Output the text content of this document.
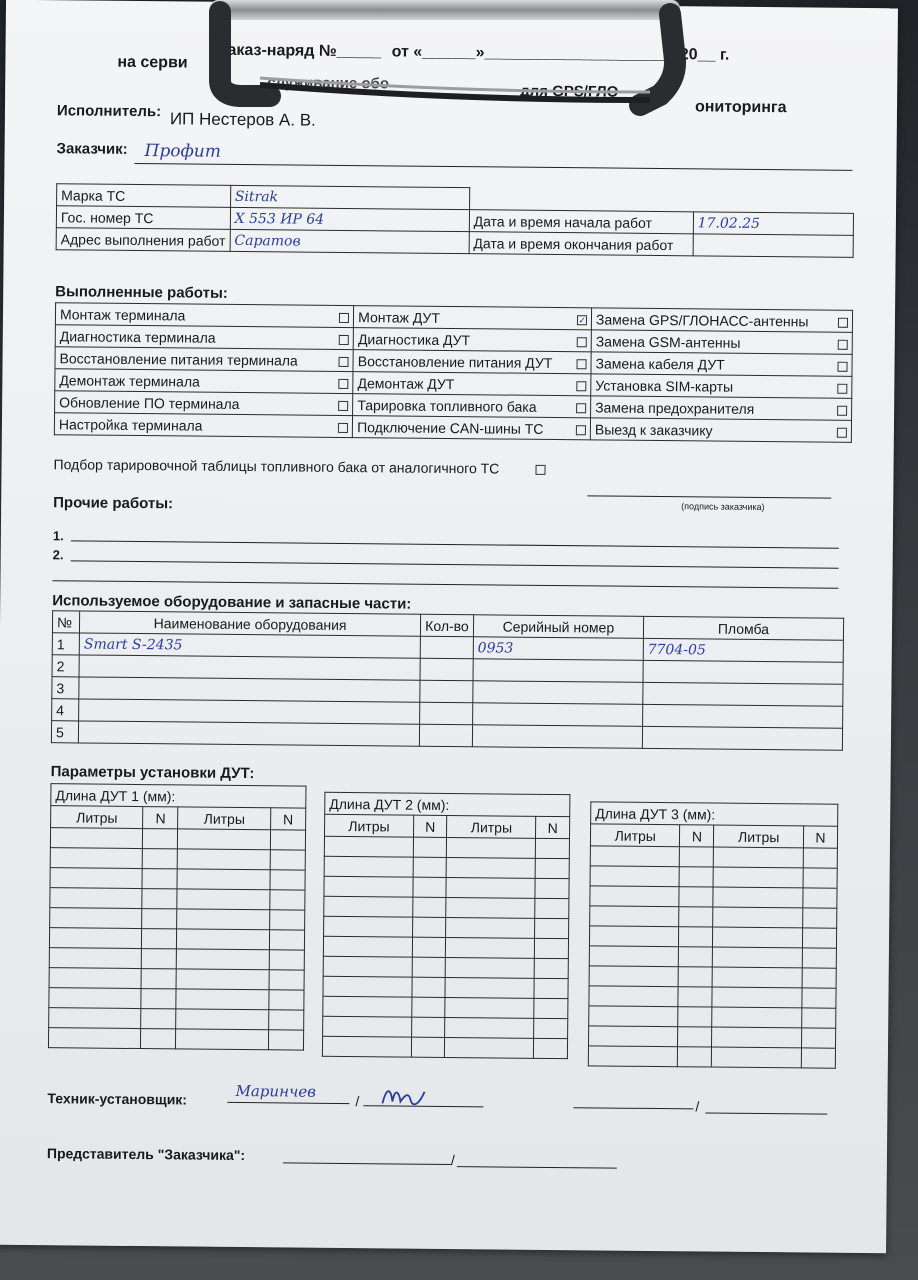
аказ-наряд №_____ от «______»_____________________ 20__ г.
на серви
служивание обо	для GPS/ГЛО
ониторинга
Исполнитель: ИП Нестеров А. В.
Заказчик: Профит
Марка ТС	Sitrak		
Гос. номер ТС	Х 553 ИР 64	Дата и время начала работ	17.02.25
Адрес выполнения работ	Саратов	Дата и время окончания работ	
Выполненные работы:
Монтаж терминала		Монтаж ДУТ	✓	Замена GPS/ГЛОНАСС-антенны	
Диагностика терминала		Диагностика ДУТ		Замена GSM-антенны	
Восстановление питания терминала		Восстановление питания ДУТ		Замена кабеля ДУТ	
Демонтаж терминала		Демонтаж ДУТ		Установка SIM-карты	
Обновление ПО терминала		Тарировка топливного бака		Замена предохранителя	
Настройка терминала		Подключение CAN-шины ТС		Выезд к заказчику	
Подбор тарировочной таблицы топливного бака от аналогичного ТС
(подпись заказчика)
Прочие работы:
1.
2.
Используемое оборудование и запасные части:
№	Наименование оборудования	Кол-во	Серийный номер	Пломба
1	Smart S-2435		0953	7704-05
2				
3				
4				
5				
Параметры установки ДУТ:
Длина ДУТ 1 (мм):			
Литры	N	Литры	N

Длина ДУТ 2 (мм):			
Литры	N	Литры	N

Длина ДУТ 3 (мм):			
Литры	N	Литры	N

Техник-установщик:	Маринчев
/	/
Представитель "Заказчика":	/
